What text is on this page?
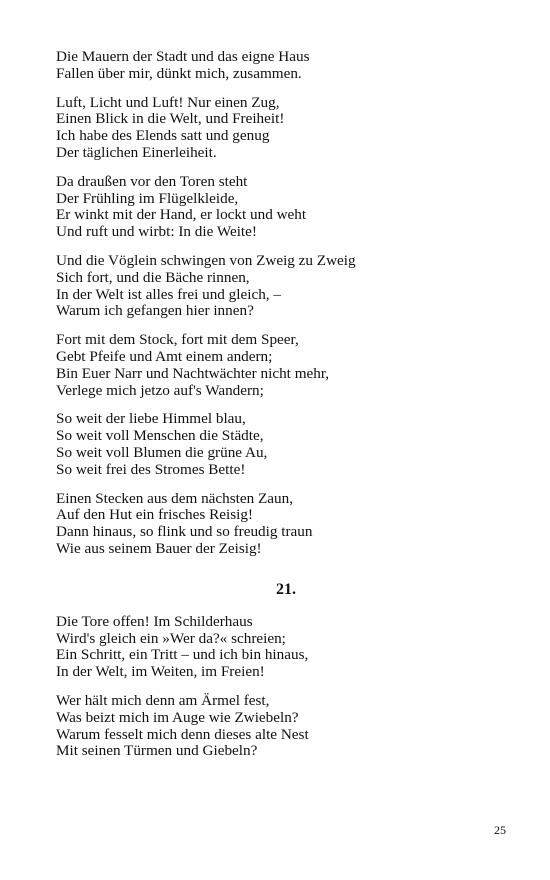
Die Mauern der Stadt und das eigne Haus
Fallen über mir, dünkt mich, zusammen.
Luft, Licht und Luft! Nur einen Zug,
Einen Blick in die Welt, und Freiheit!
Ich habe des Elends satt und genug
Der täglichen Einerleiheit.
Da draußen vor den Toren steht
Der Frühling im Flügelkleide,
Er winkt mit der Hand, er lockt und weht
Und ruft und wirbt: In die Weite!
Und die Vöglein schwingen von Zweig zu Zweig
Sich fort, und die Bäche rinnen,
In der Welt ist alles frei und gleich, –
Warum ich gefangen hier innen?
Fort mit dem Stock, fort mit dem Speer,
Gebt Pfeife und Amt einem andern;
Bin Euer Narr und Nachtwächter nicht mehr,
Verlege mich jetzo auf's Wandern;
So weit der liebe Himmel blau,
So weit voll Menschen die Städte,
So weit voll Blumen die grüne Au,
So weit frei des Stromes Bette!
Einen Stecken aus dem nächsten Zaun,
Auf den Hut ein frisches Reisig!
Dann hinaus, so flink und so freudig traun
Wie aus seinem Bauer der Zeisig!
21.
Die Tore offen! Im Schilderhaus
Wird's gleich ein »Wer da?« schreien;
Ein Schritt, ein Tritt – und ich bin hinaus,
In der Welt, im Weiten, im Freien!
Wer hält mich denn am Ärmel fest,
Was beizt mich im Auge wie Zwiebeln?
Warum fesselt mich denn dieses alte Nest
Mit seinen Türmen und Giebeln?
25
